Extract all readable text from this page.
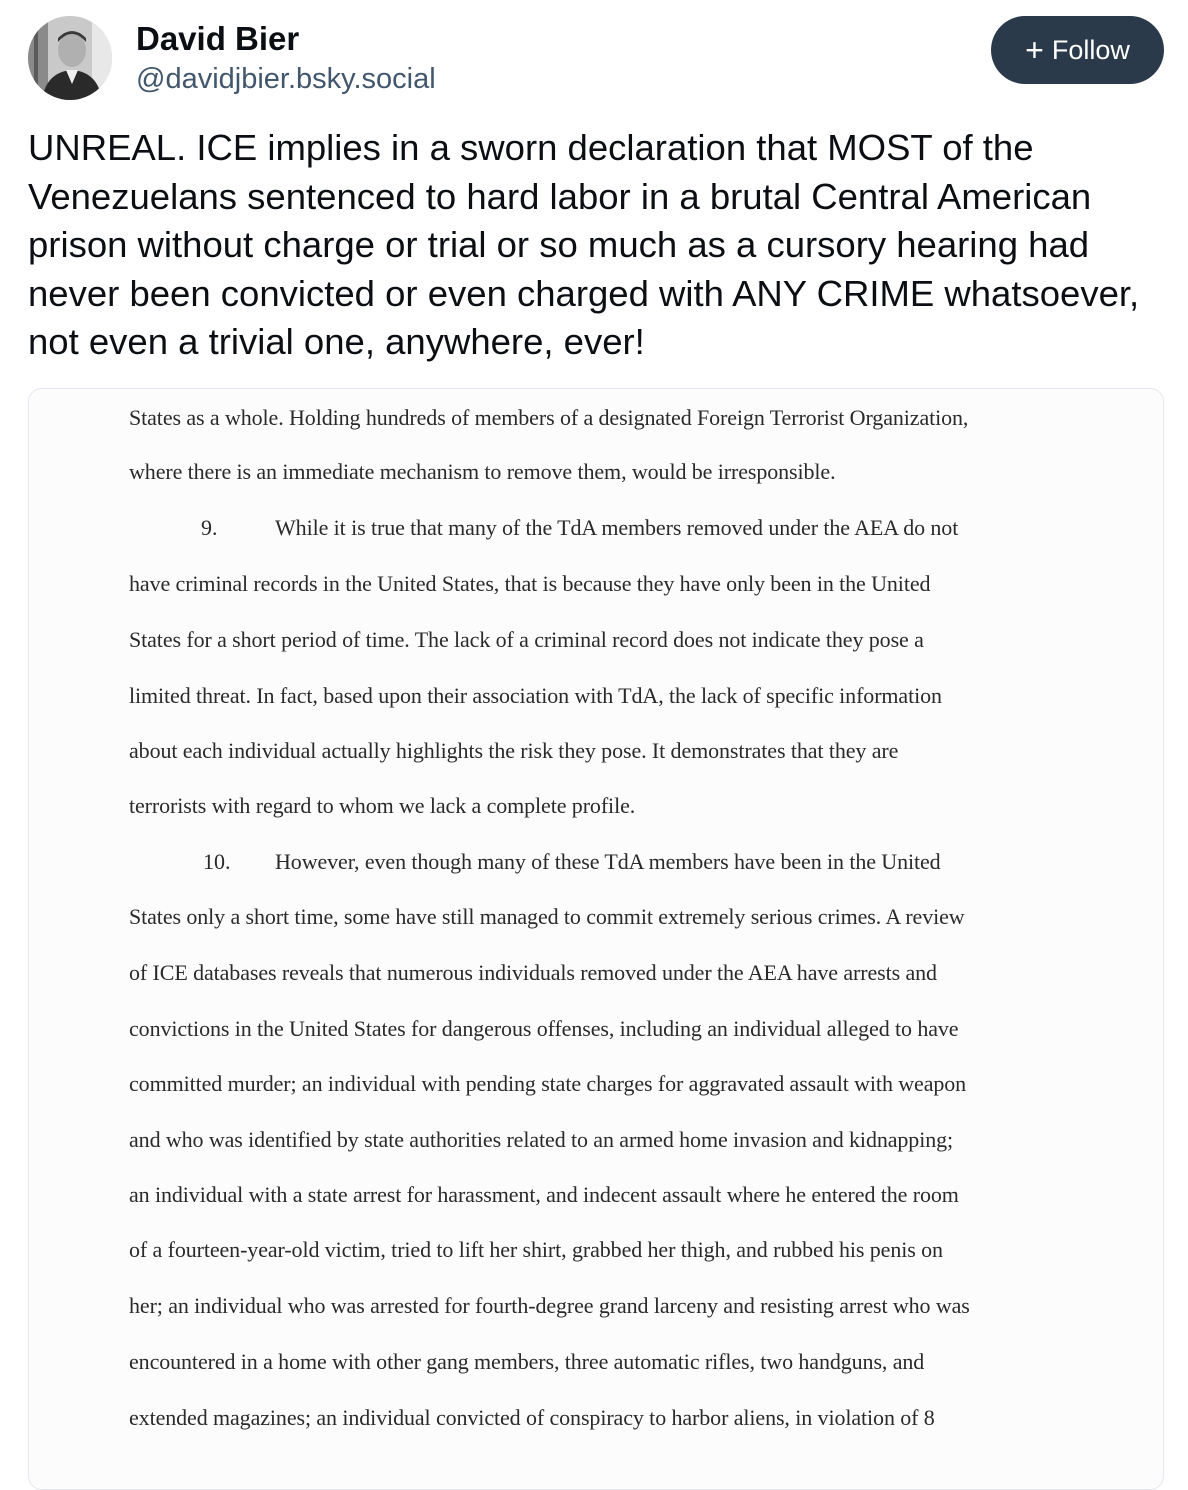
David Bier
@davidjbier.bsky.social
+ Follow

UNREAL. ICE implies in a sworn declaration that MOST of the Venezuelans sentenced to hard labor in a brutal Central American prison without charge or trial or so much as a cursory hearing had never been convicted or even charged with ANY CRIME whatsoever, not even a trivial one, anywhere, ever!

States as a whole. Holding hundreds of members of a designated Foreign Terrorist Organization,
where there is an immediate mechanism to remove them, would be irresponsible.
9.	While it is true that many of the TdA members removed under the AEA do not
have criminal records in the United States, that is because they have only been in the United
States for a short period of time. The lack of a criminal record does not indicate they pose a
limited threat. In fact, based upon their association with TdA, the lack of specific information
about each individual actually highlights the risk they pose. It demonstrates that they are
terrorists with regard to whom we lack a complete profile.
10. However, even though many of these TdA members have been in the United
States only a short time, some have still managed to commit extremely serious crimes. A review
of ICE databases reveals that numerous individuals removed under the AEA have arrests and
convictions in the United States for dangerous offenses, including an individual alleged to have
committed murder; an individual with pending state charges for aggravated assault with weapon
and who was identified by state authorities related to an armed home invasion and kidnapping;
an individual with a state arrest for harassment, and indecent assault where he entered the room
of a fourteen-year-old victim, tried to lift her shirt, grabbed her thigh, and rubbed his penis on
her; an individual who was arrested for fourth-degree grand larceny and resisting arrest who was
encountered in a home with other gang members, three automatic rifles, two handguns, and
extended magazines; an individual convicted of conspiracy to harbor aliens, in violation of 8
